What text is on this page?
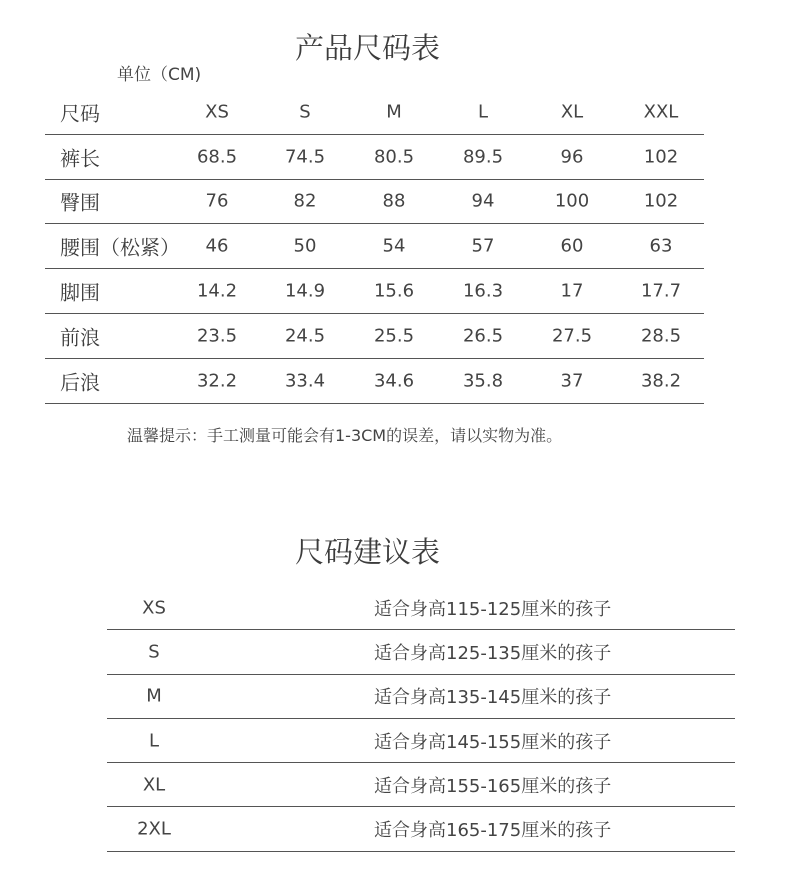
产品尺码表
单位（CM)
尺码	XS	S	M	L	XL	XXL
裤长	68.5	74.5	80.5	89.5	96	102
臀围	76	82	88	94	100	102
腰围（松紧） 46	50	54	57	60	63
脚围	14.2	14.9	15.6	16.3	17	17.7
前浪	23.5	24.5	25.5	26.5	27.5	28.5
后浪	32.2	33.4	34.6	35.8	37	38.2
温馨提示：手工测量可能会有1-3CM的误差，请以实物为准。
尺码建议表
XS	适合身高115-125厘米的孩子
S	适合身高125-135厘米的孩子
M	适合身高135-145厘米的孩子
L	适合身高145-155厘米的孩子
XL	适合身高155-165厘米的孩子
2XL	适合身高165-175厘米的孩子
